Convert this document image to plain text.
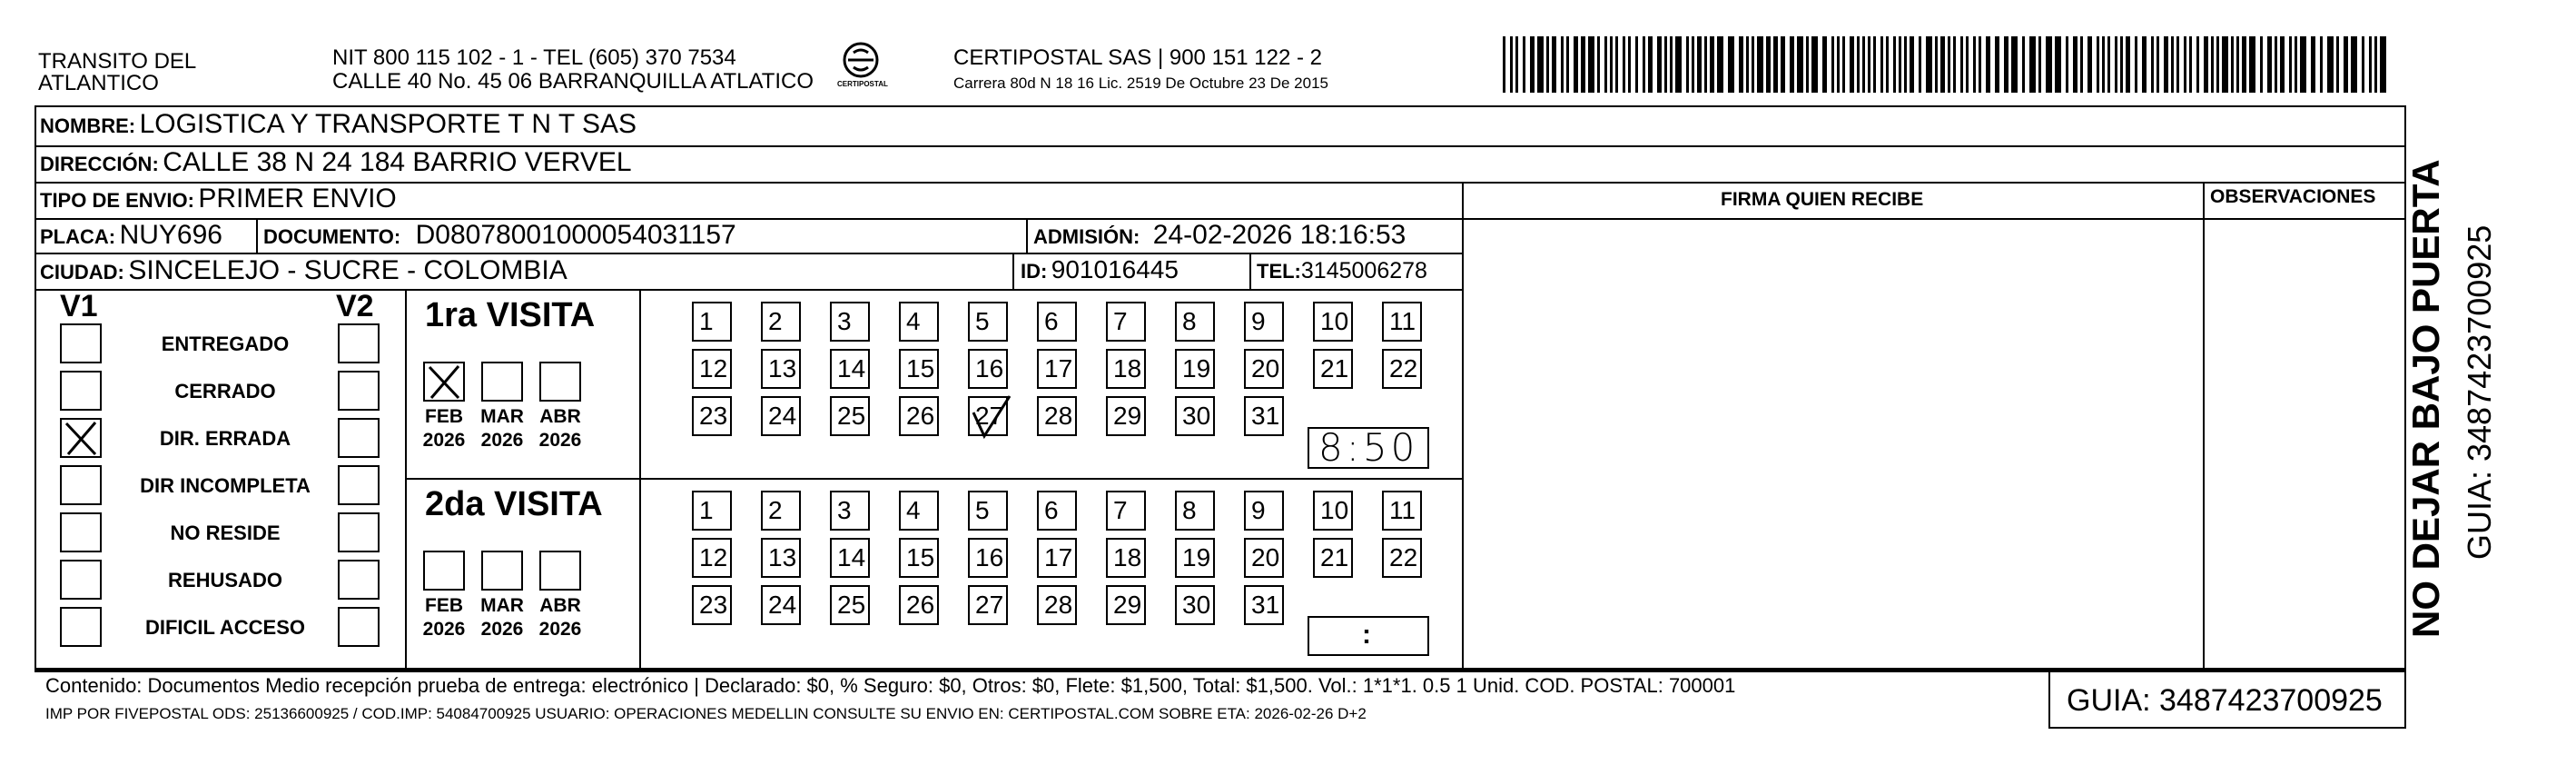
TRANSITO DEL
ATLANTICO
NIT 800 115 102 - 1 - TEL (605) 370 7534
CALLE 40 No. 45 06 BARRANQUILLA ATLATICO	CERTIPOSTAL
CERTIPOSTAL SAS | 900 151 122 - 2
Carrera 80d N 18 16 Lic. 2519 De Octubre 23 De 2015
NOMBRE: LOGISTICA Y TRANSPORTE T N T SAS
DIRECCIÓN: CALLE 38 N 24 184 BARRIO VERVEL
TIPO DE ENVIO: PRIMER ENVIO	FIRMA QUIEN RECIBE	OBSERVACIONES
PLACA: NUY696 DOCUMENTO: D08078001000054031157	ADMISIÓN: 24-02-2026 18:16:53
CIUDAD: SINCELEJO - SUCRE - COLOMBIA	ID: 901016445	TEL:3145006278
V1	V2
ENTREGADO
CERRADO
DIR. ERRADA
DIR INCOMPLETA
NO RESIDE
REHUSADO
DIFICIL ACCESO
1ra VISITA
2da VISITA
FEB
2026
MAR
2026
ABR
2026
FEB
2026
MAR
2026
ABR
2026
1	2	3	4	5	6	7	8	9	10 11
12 13 14 15 16 17 18 19 20 21 22
23 24 25 26 27 28 29 30 31
1	2	3	4	5	6	7	8	9	10 11
12 13 14 15 16 17 18 19 20 21 22
23 24 25 26 27 28 29 30 31
8:50
:	NO DEJAR BAJO PUERTA GUIA: 3487423700925
Contenido: Documentos Medio recepción prueba de entrega: electrónico | Declarado: $0, % Seguro: $0, Otros: $0, Flete: $1,500, Total: $1,500. Vol.: 1*1*1. 0.5 1 Unid. COD. POSTAL: 700001
IMP POR FIVEPOSTAL ODS: 25136600925 / COD.IMP: 54084700925 USUARIO: OPERACIONES MEDELLIN CONSULTE SU ENVIO EN: CERTIPOSTAL.COM SOBRE ETA: 2026-02-26 D+2	GUIA: 3487423700925
